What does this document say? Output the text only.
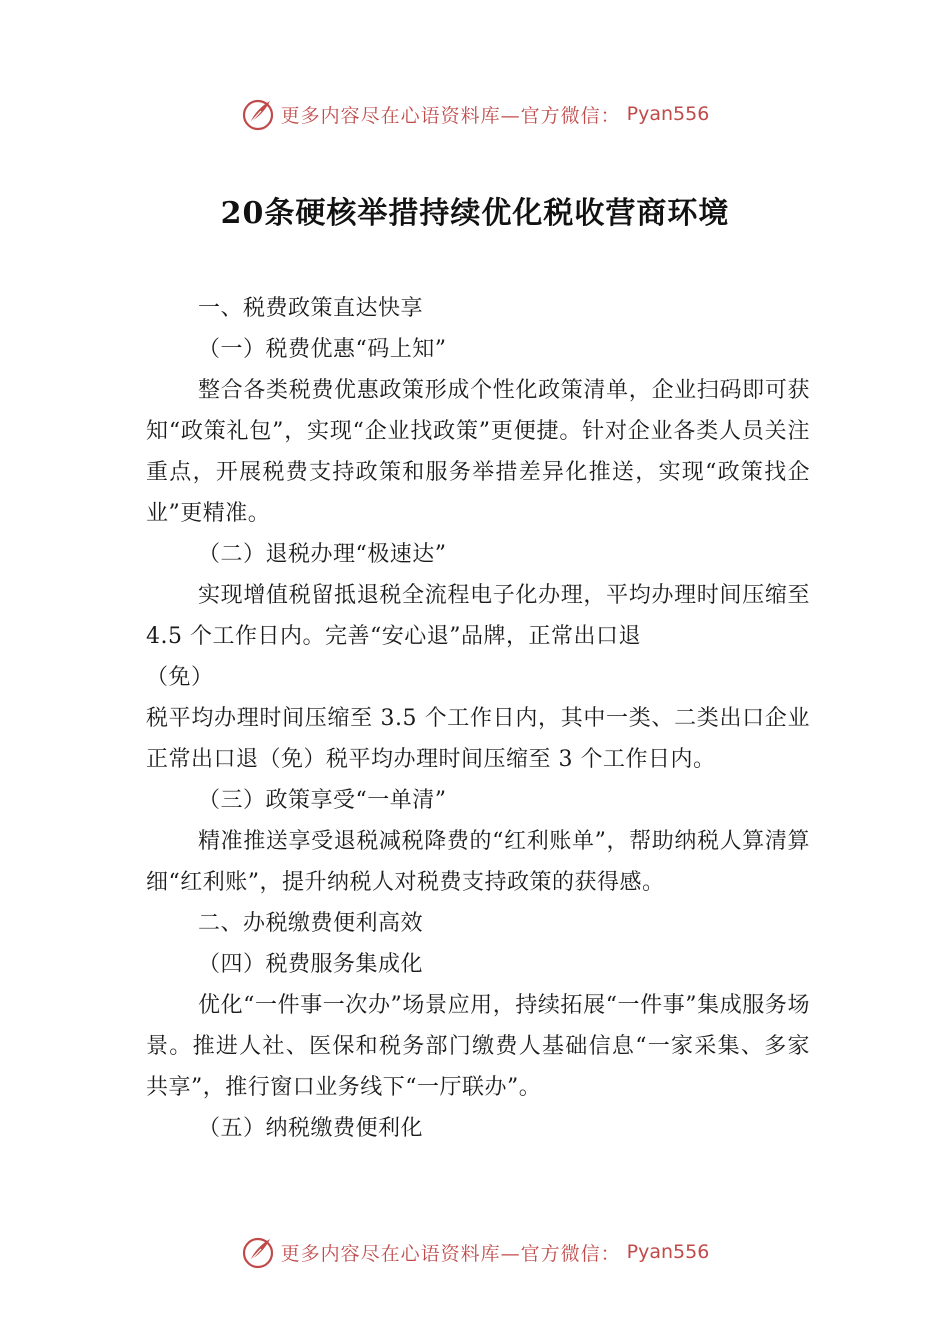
更多内容尽在心语资料库—官方微信： Pyan556
20条硬核举措持续优化税收营商环境

一、税费政策直达快享

（一）税费优惠“码上知”

整合各类税费优惠政策形成个性化政策清单，企业扫码即可获知“政策礼包”，实现“企业找政策”更便捷。针对企业各类人员关注重点，开展税费支持政策和服务举措差异化推送，实现“政策找企业”更精准。

（二）退税办理“极速达”

实现增值税留抵退税全流程电子化办理，平均办理时间压缩至 4.5 个工作日内。完善“安心退”品牌，正常出口退

（免）

税平均办理时间压缩至 3.5 个工作日内，其中一类、二类出口企业正常出口退（免）税平均办理时间压缩至 3 个工作日内。

（三）政策享受“一单清”

精准推送享受退税减税降费的“红利账单”，帮助纳税人算清算细“红利账”，提升纳税人对税费支持政策的获得感。

二、办税缴费便利高效

（四）税费服务集成化

优化“一件事一次办”场景应用，持续拓展“一件事”集成服务场景。推进人社、医保和税务部门缴费人基础信息“一家采集、多家共享”，推行窗口业务线下“一厅联办”。

（五）纳税缴费便利化

更多内容尽在心语资料库—官方微信： Pyan556
